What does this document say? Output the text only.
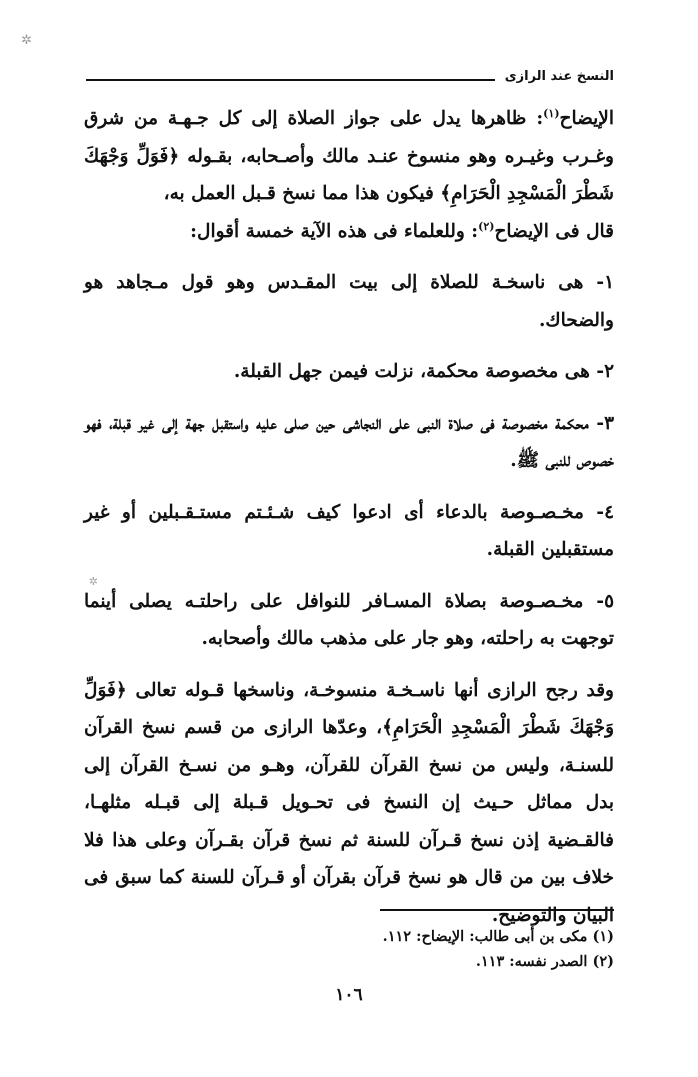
✲
النسخ عند الرازى

الإيضاح$^{(١)}$: ظاهرها يدل على جواز الصلاة إلى كل جـهـة من شرق وغـرب وغيـره وهو منسوخ عنـد مالك وأصـحابه، بقـوله ﴿فَوَلِّ وَجْهَكَ شَطْرَ الْمَسْجِدِ الْحَرَامِ﴾ فيكون هذا مما نسخ قـبل العمل به،

قال فى الإيضاح$^{(٢)}$: وللعلماء فى هذه الآية خمسة أقوال:

١- هى ناسخـة للصلاة إلى بيت المقـدس وهو قول مـجاهد هو والضحاك.

٢- هى مخصوصة محكمة، نزلت فيمن جهل القبلة.

٣- محكمة مخصوصة فى صلاة النبى على النجاشى حين صلى عليه واستقبل جهة إلى غير قبلة، فهو خصوص للنبى ﷺ.

٤- مخـصـوصة بالدعاء أى ادعوا كيف شـئـتم مستـقـبلين أو غير مستقبلين القبلة.

٥- مخـصـوصة بصلاة المسـافر للنوافل على راحلتـه يصلى أينما توجهت به راحلته، وهو جار على مذهب مالك وأصحابه.

وقد رجح الرازى أنها ناسـخـة منسوخـة، وناسخها قـوله تعالى ﴿فَوَلِّ وَجْهَكَ شَطْرَ الْمَسْجِدِ الْحَرَامِ﴾، وعدّها الرازى من قسم نسخ القرآن للسنـة، وليس من نسخ القرآن للقرآن، وهـو من نسـخ القرآن إلى بدل مماثل حـيث إن النسخ فى تحـويل قـبلة إلى قبـله مثلهـا، فالقـضية إذن نسخ قـرآن للسنة ثم نسخ قرآن بقـرآن وعلى هذا فلا خلاف بين من قال هو نسخ قرآن بقرآن أو قـرآن للسنة كما سبق فى البيان والتوضيح.

✲

(١) مكى بن أبى طالب: الإيضاح: ١١٢.

(٢) الصدر نفسه: ١١٣.

١٠٦
